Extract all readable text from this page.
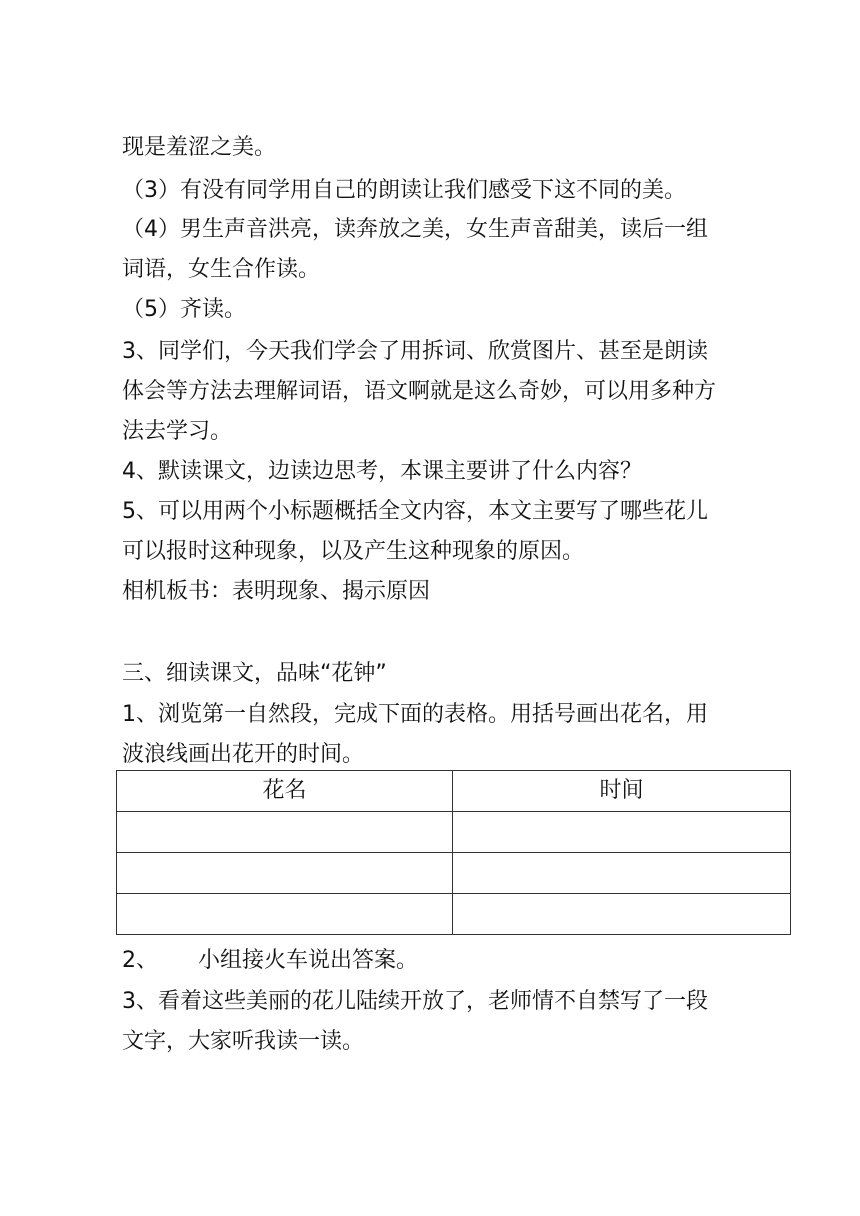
现是羞涩之美。
（3）有没有同学用自己的朗读让我们感受下这不同的美。
（4）男生声音洪亮，读奔放之美，女生声音甜美，读后一组
词语，女生合作读。
（5）齐读。
3、同学们，今天我们学会了用拆词、欣赏图片、甚至是朗读
体会等方法去理解词语，语文啊就是这么奇妙，可以用多种方
法去学习。
4、默读课文，边读边思考，本课主要讲了什么内容？
5、可以用两个小标题概括全文内容，本文主要写了哪些花儿
可以报时这种现象，以及产生这种现象的原因。
相机板书：表明现象、揭示原因
三、细读课文，品味“花钟”
1、浏览第一自然段，完成下面的表格。用括号画出花名，用
波浪线画出花开的时间。
花名	时间

2、 小组接火车说出答案。
3、看着这些美丽的花儿陆续开放了，老师情不自禁写了一段
文字，大家听我读一读。
